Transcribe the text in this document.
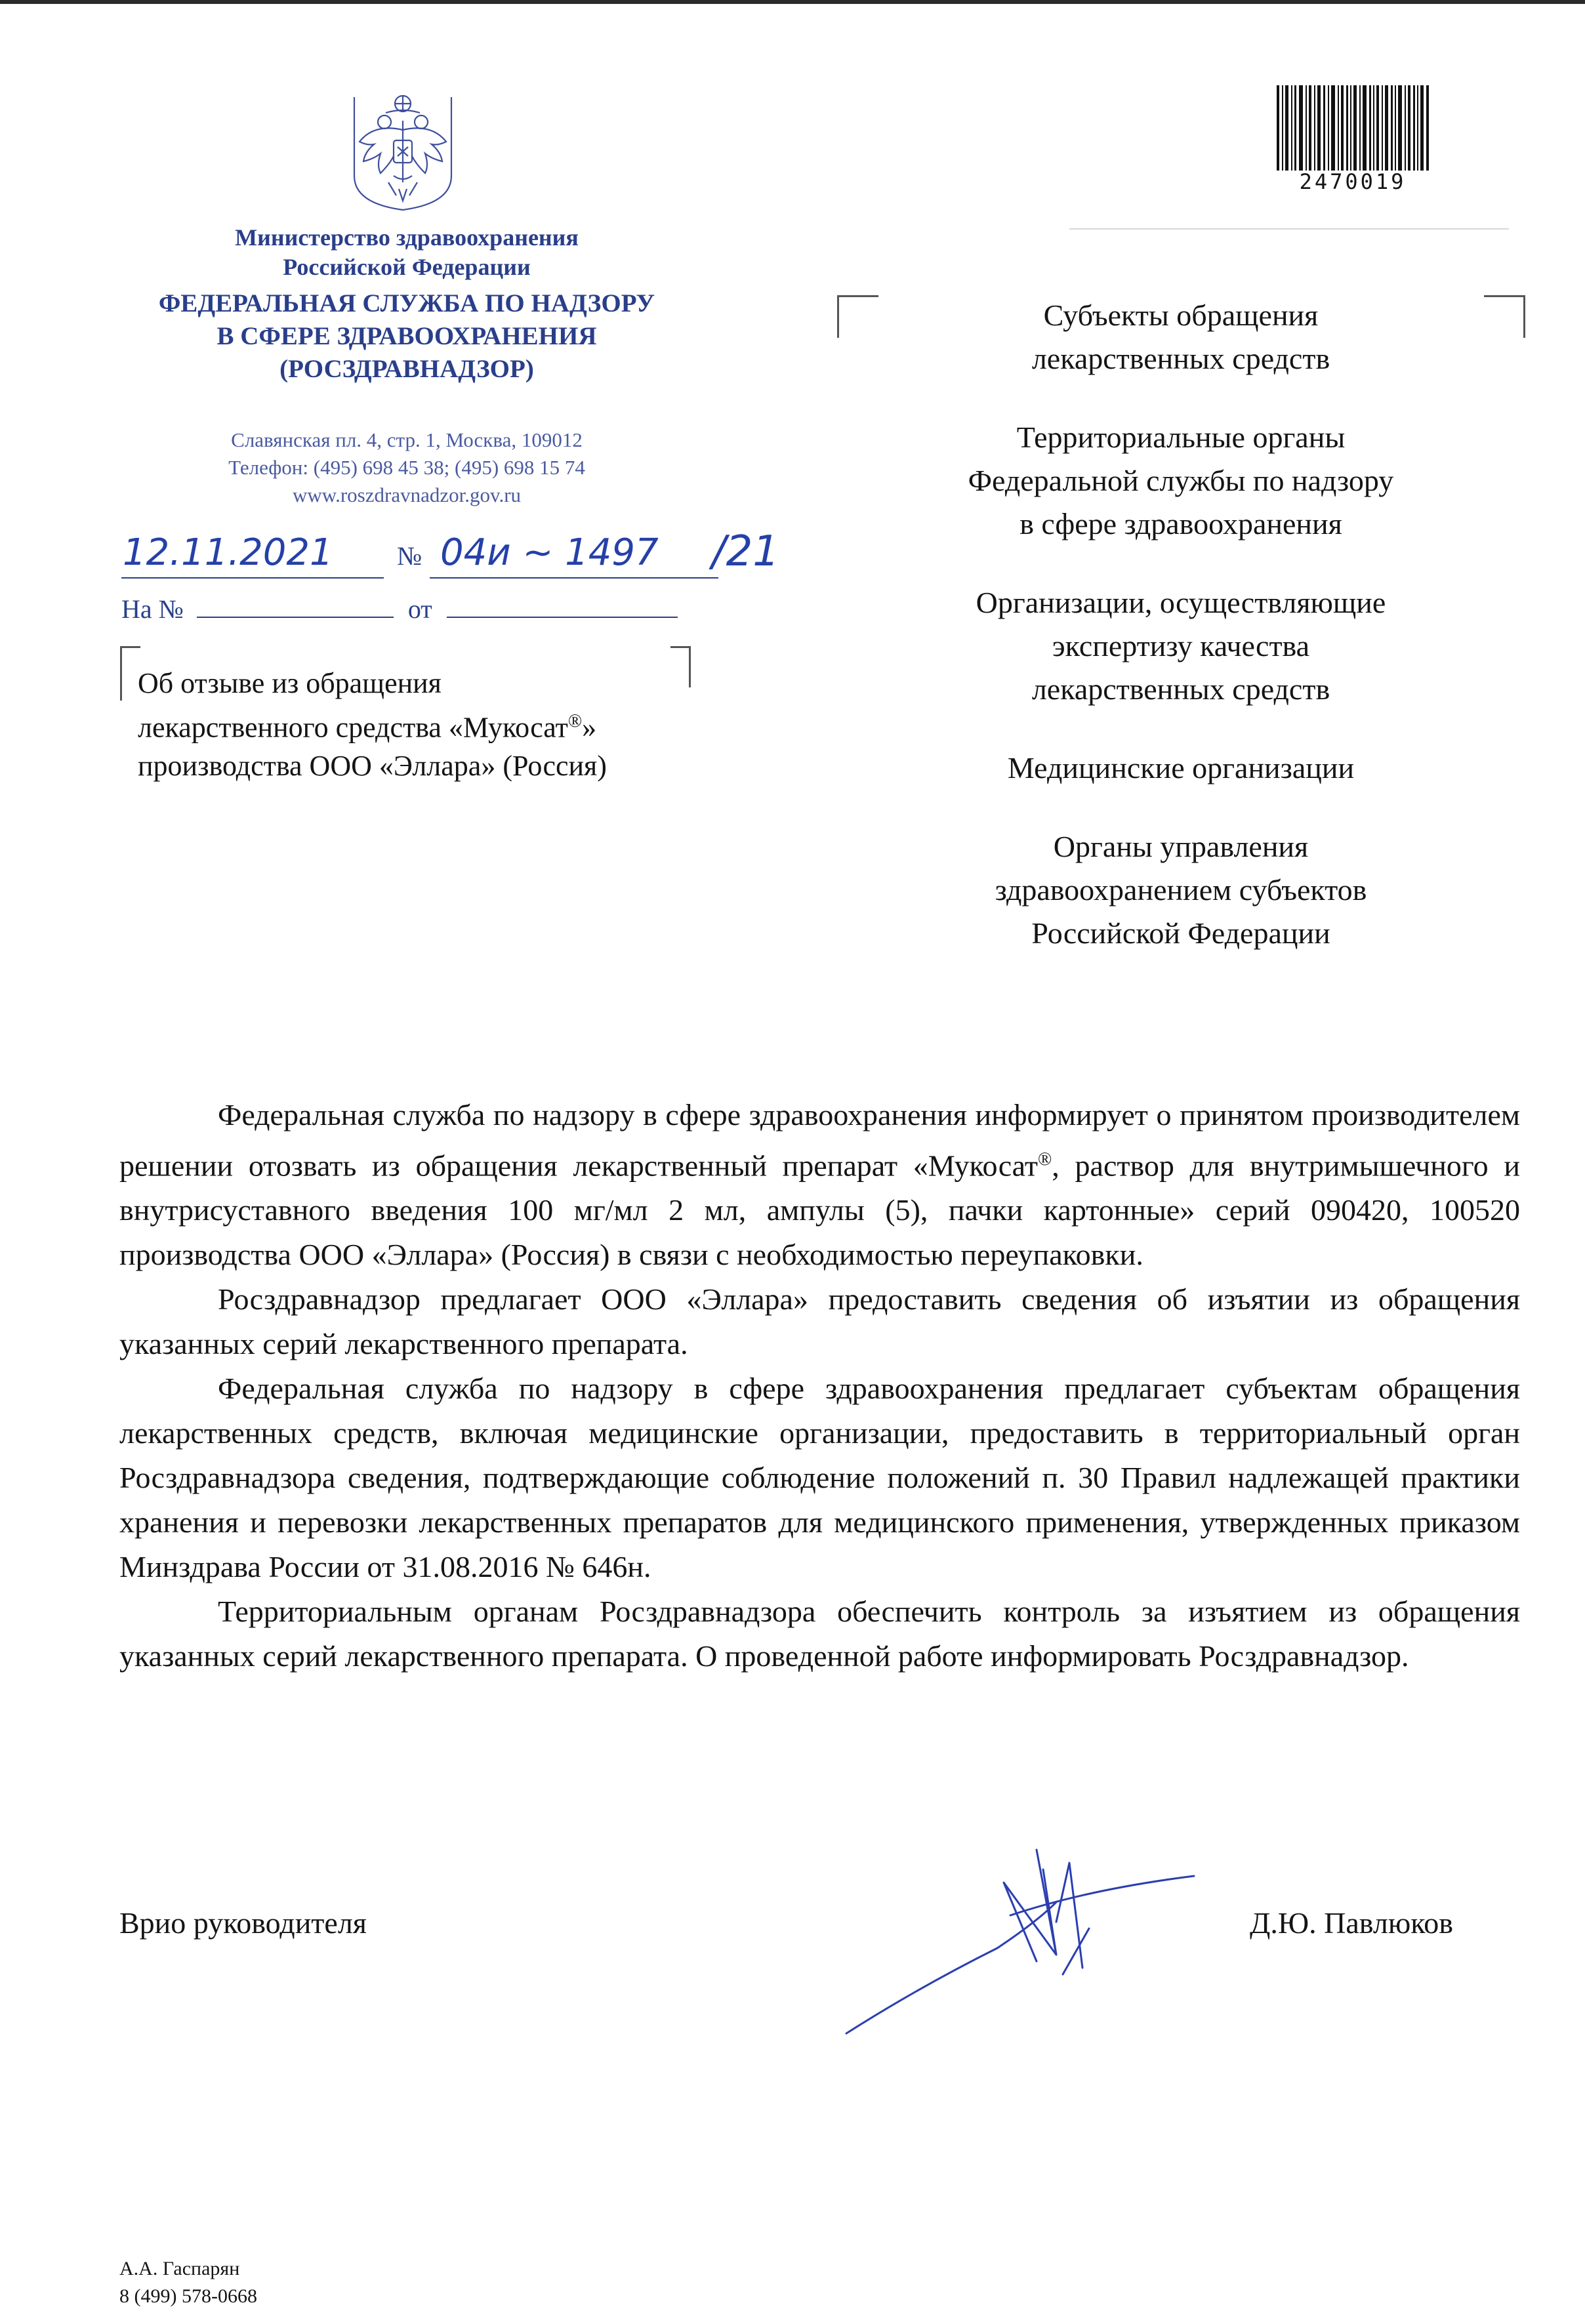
Министерство здравоохранения
Российской Федерации
ФЕДЕРАЛЬНАЯ СЛУЖБА ПО НАДЗОРУ
В СФЕРЕ ЗДРАВООХРАНЕНИЯ
(РОСЗДРАВНАДЗОР)
Славянская пл. 4, стр. 1, Москва, 109012
Телефон: (495) 698 45 38; (495) 698 15 74
www.roszdravnadzor.gov.ru
12.11.2021 № 04и ~ 1497 /21
На №	от
Об отзыве из обращения
лекарственного средства «Мукосат®»
производства ООО «Эллара» (Россия)
2470019
Субъекты обращения
лекарственных средств
Территориальные органы
Федеральной службы по надзору
в сфере здравоохранения
Организации, осуществляющие
экспертизу качества
лекарственных средств
Медицинские организации
Органы управления
здравоохранением субъектов
Российской Федерации

Федеральная служба по надзору в сфере здравоохранения информирует о принятом производителем решении отозвать из обращения лекарственный препарат «Мукосат®, раствор для внутримышечного и внутрисуставного введения 100 мг/мл 2 мл, ампулы (5), пачки картонные» серий 090420, 100520 производства ООО «Эллара» (Россия) в связи с необходимостью переупаковки.

Росздравнадзор предлагает ООО «Эллара» предоставить сведения об изъятии из обращения указанных серий лекарственного препарата.

Федеральная служба по надзору в сфере здравоохранения предлагает субъектам обращения лекарственных средств, включая медицинские организации, предоставить в территориальный орган Росздравнадзора сведения, подтверждающие соблюдение положений п. 30 Правил надлежащей практики хранения и перевозки лекарственных препаратов для медицинского применения, утвержденных приказом Минздрава России от 31.08.2016 № 646н.

Территориальным органам Росздравнадзора обеспечить контроль за изъятием из обращения указанных серий лекарственного препарата. О проведенной работе информировать Росздравнадзор.

Врио руководителя	Д.Ю. Павлюков
А.А. Гаспарян
8 (499) 578-0668
